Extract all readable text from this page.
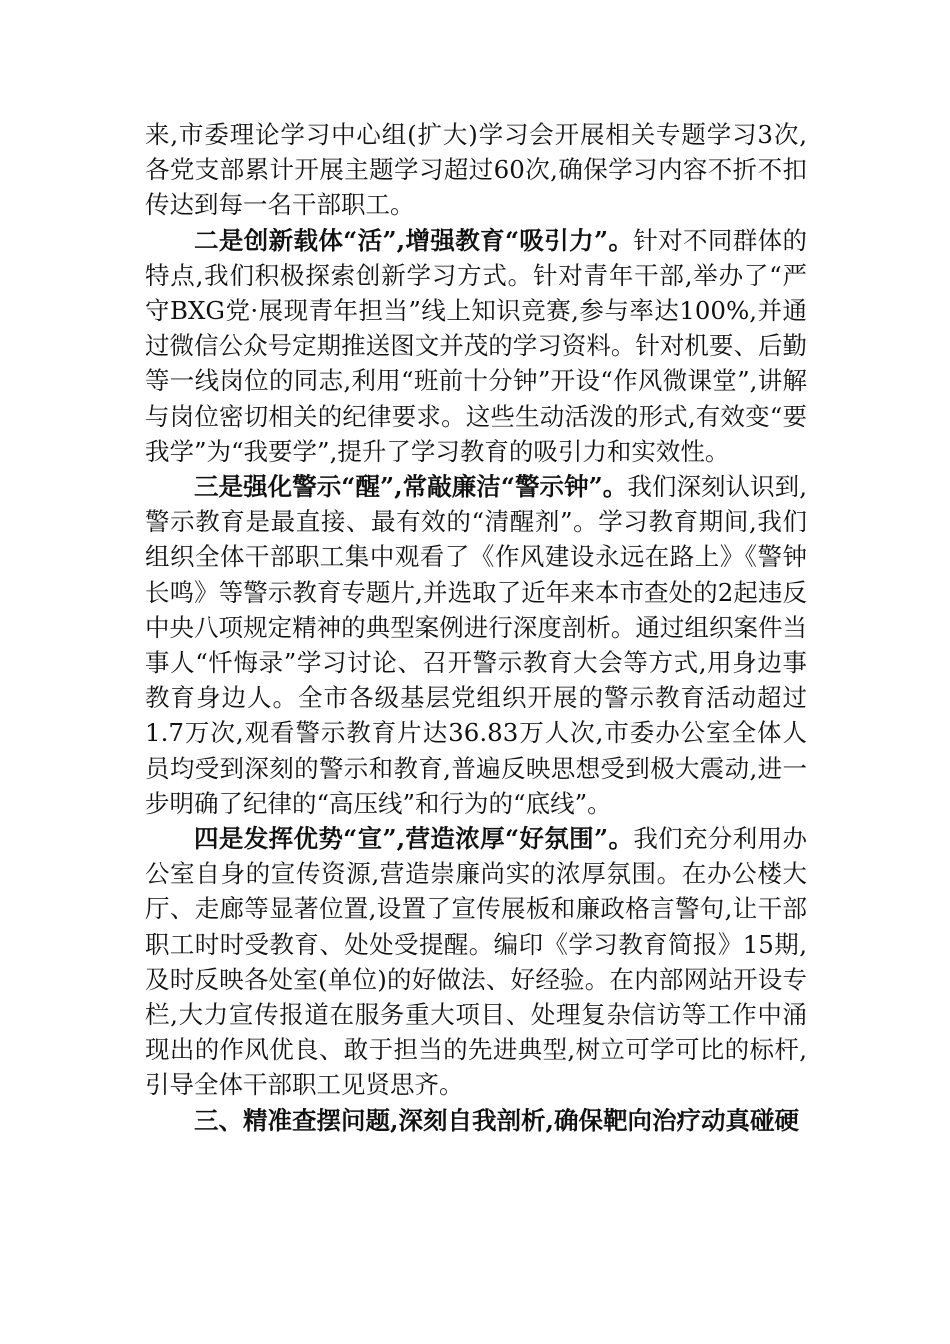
来,市委理论学习中心组(扩大)学习会开展相关专题学习3次,各党支部累计开展主题学习超过60次,确保学习内容不折不扣传达到每一名干部职工。

二是创新载体“活”,增强教育“吸引力”。针对不同群体的特点,我们积极探索创新学习方式。针对青年干部,举办了“严守BXG党·展现青年担当”线上知识竞赛,参与率达100%,并通过微信公众号定期推送图文并茂的学习资料。针对机要、后勤等一线岗位的同志,利用“班前十分钟”开设“作风微课堂”,讲解与岗位密切相关的纪律要求。这些生动活泼的形式,有效变“要我学”为“我要学”,提升了学习教育的吸引力和实效性。

三是强化警示“醒”,常敲廉洁“警示钟”。我们深刻认识到,警示教育是最直接、最有效的“清醒剂”。学习教育期间,我们组织全体干部职工集中观看了《作风建设永远在路上》《警钟长鸣》等警示教育专题片,并选取了近年来本市查处的2起违反中央八项规定精神的典型案例进行深度剖析。通过组织案件当事人“忏悔录”学习讨论、召开警示教育大会等方式,用身边事教育身边人。全市各级基层党组织开展的警示教育活动超过1.7万次,观看警示教育片达36.83万人次,市委办公室全体人员均受到深刻的警示和教育,普遍反映思想受到极大震动,进一步明确了纪律的“高压线”和行为的“底线”。

四是发挥优势“宣”,营造浓厚“好氛围”。我们充分利用办公室自身的宣传资源,营造崇廉尚实的浓厚氛围。在办公楼大厅、走廊等显著位置,设置了宣传展板和廉政格言警句,让干部职工时时受教育、处处受提醒。编印《学习教育简报》15期,及时反映各处室(单位)的好做法、好经验。在内部网站开设专栏,大力宣传报道在服务重大项目、处理复杂信访等工作中涌现出的作风优良、敢于担当的先进典型,树立可学可比的标杆,引导全体干部职工见贤思齐。

三、精准查摆问题,深刻自我剖析,确保靶向治疗动真碰硬
